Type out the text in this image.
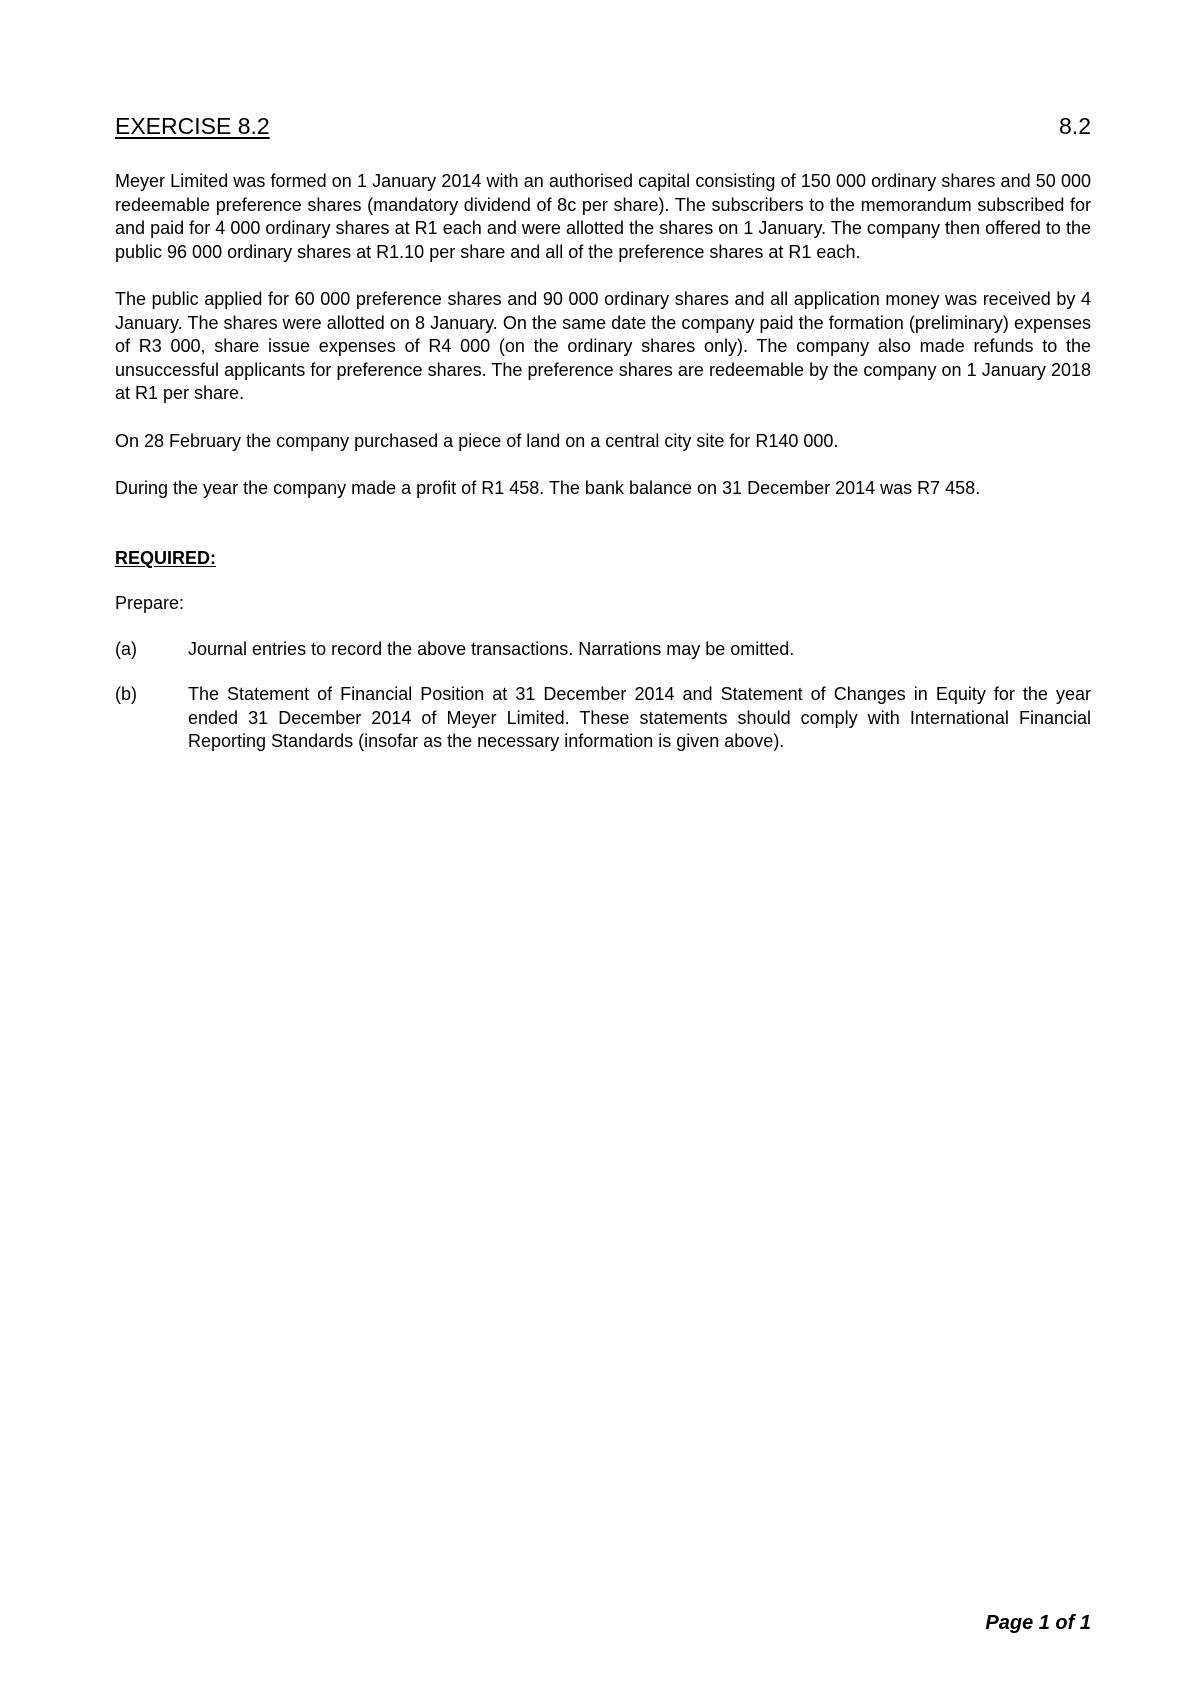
EXERCISE 8.2	8.2

Meyer Limited was formed on 1 January 2014 with an authorised capital consisting of 150 000 ordinary shares and 50 000 redeemable preference shares (mandatory dividend of 8c per share). The subscribers to the memorandum subscribed for and paid for 4 000 ordinary shares at R1 each and were allotted the shares on 1 January. The company then offered to the public 96 000 ordinary shares at R1.10 per share and all of the preference shares at R1 each.

The public applied for 60 000 preference shares and 90 000 ordinary shares and all application money was received by 4 January. The shares were allotted on 8 January. On the same date the company paid the formation (preliminary) expenses of R3 000, share issue expenses of R4 000 (on the ordinary shares only). The company also made refunds to the unsuccessful applicants for preference shares. The preference shares are redeemable by the company on 1 January 2018 at R1 per share.

On 28 February the company purchased a piece of land on a central city site for R140 000.

During the year the company made a profit of R1 458. The bank balance on 31 December 2014 was R7 458.

REQUIRED:
Prepare:
(a)	Journal entries to record the above transactions. Narrations may be omitted.
(b)	The Statement of Financial Position at 31 December 2014 and Statement of Changes in Equity for the year ended 31 December 2014 of Meyer Limited. These statements should comply with International Financial Reporting Standards (insofar as the necessary information is given above).
Page 1 of 1
